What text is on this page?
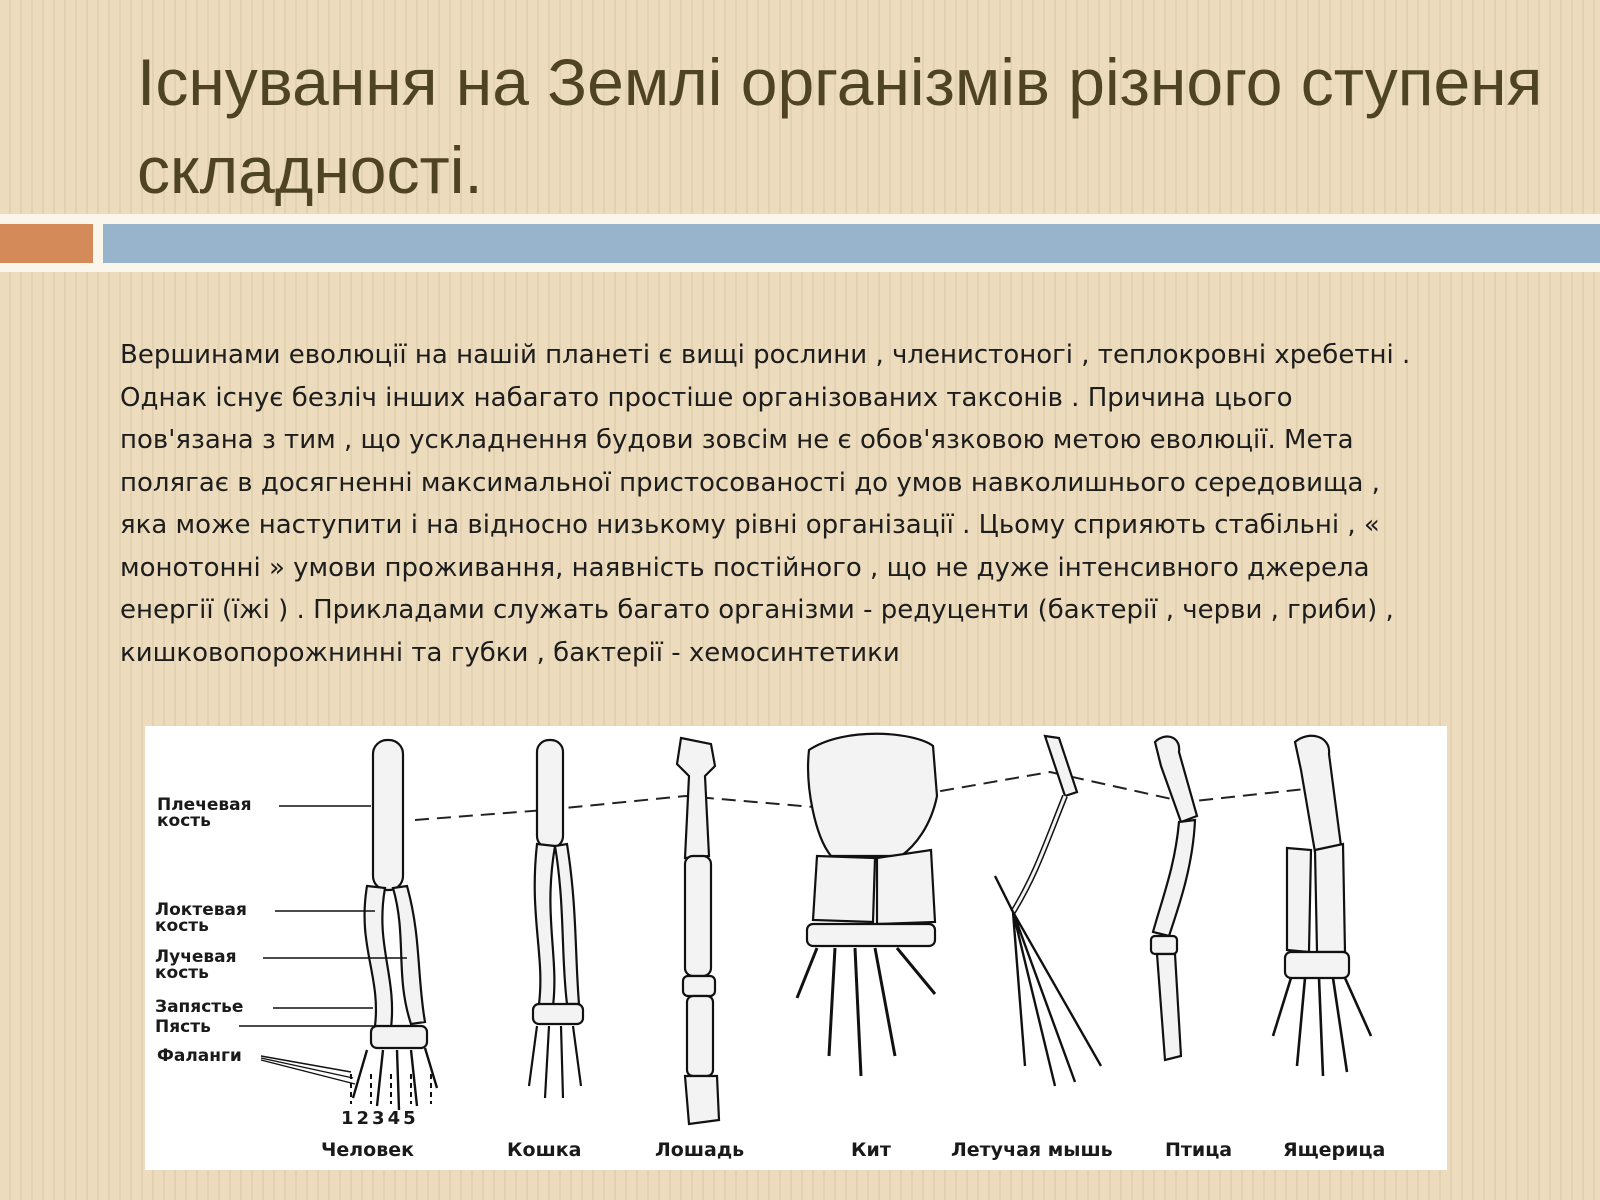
Існування на Землі організмів різного ступеня
складності.

Вершинами еволюції на нашій планеті є вищі рослини , членистоногі , теплокровні хребетні .
Однак існує безліч інших набагато простіше організованих таксонів . Причина цього
пов'язана з тим , що ускладнення будови зовсім не є обов'язковою метою еволюції. Мета
полягає в досягненні максимальної пристосованості до умов навколишнього середовища ,
яка може наступити і на відносно низькому рівні організації . Цьому сприяють стабільні , «
монотонні » умови проживання, наявність постійного , що не дуже інтенсивного джерела
енергії (їжі ) . Прикладами служать багато організми - редуценти (бактерії , черви , гриби) ,
кишковопорожнинні та губки , бактерії - хемосинтетики

Плечевая
кость
Локтевая
кость
Лучевая
кость
Запястье
Пясть
Фаланги
12345
Человек	Кошка	Лошадь	Кит	Летучая мышь	Птица	Ящерица
